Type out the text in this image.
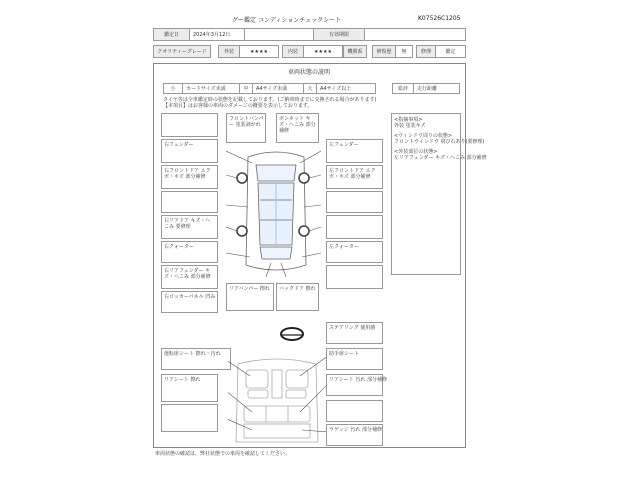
グー鑑定 コンディションチェックシート	K07526C1205
鑑定日	2024年3月12日	有効期限
クオリティーグレード	外装	★★★★	内装	★★★★	機関系	修復歴	無	修理	鑑定
車両状態の説明
小	カードサイズ未満	中	A4サイズ未満	大	A4サイズ以上	総評	走行距離
タイヤ等は全車鑑定時の状態を記載しております。(ご納車時までに交換される場合があります)
【本項目】はお客様の車両のダメージの概要を表示しております。
<指摘事項>
外装 塗装キズ
<ウィンドウ周りの状態>
フロントウインドウ 飛び石あり(要修理)
<外装部位の状態>
左リアフェンダー キズ・へこみ 部分補修
右フェンダー
右フロントドア エクボ・キズ 部分補修
右リアドア キズ・へこみ 要修理
右クォーター
右リアフェンダー キズ・へこみ 部分補修
右ロッカーパネル 凹み
フロントバンパー 塗装剥がれ
ボンネット キズ・へこみ 部分補修
左フェンダー
左フロントドア エクボ・キズ 部分補修
左クォーター
リアバンパー 擦れ バックドア 擦れ
ステアリング 使用感
運転席シート 擦れ・汚れ	助手席シート
リアシート 擦れ	リアシート 汚れ 部分補修
ラゲッジ 汚れ 部分補修
車両状態の確認は、弊社状態での車両を確認してください。
